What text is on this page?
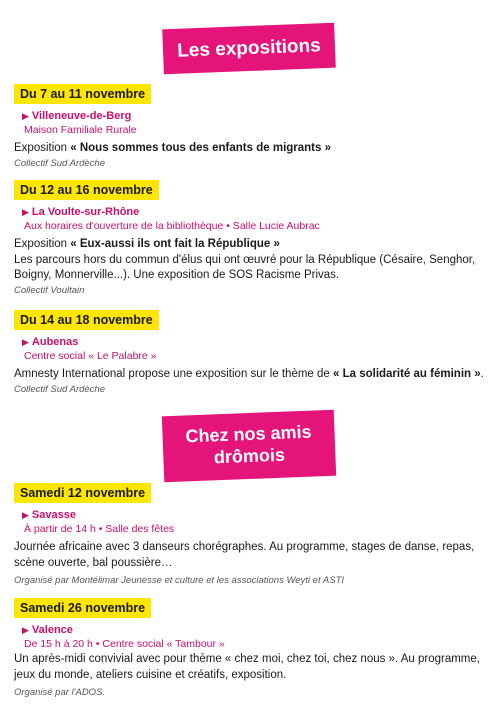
Les expositions
Du 7 au 11 novembre
▶ Villeneuve-de-Berg
Maison Familiale Rurale
Exposition « Nous sommes tous des enfants de migrants »
Collectif Sud Ardèche
Du 12 au 16 novembre
▶ La Voulte-sur-Rhône
Aux horaires d'ouverture de la bibliothèque • Salle Lucie Aubrac
Exposition « Eux-aussi ils ont fait la République »
Les parcours hors du commun d'élus qui ont œuvré pour la République (Césaire, Senghor, Boigny, Monnerville...). Une exposition de SOS Racisme Privas.
Collectif Voultain
Du 14 au 18 novembre
▶ Aubenas
Centre social « Le Palabre »
Amnesty International propose une exposition sur le thème de « La solidarité au féminin ».
Collectif Sud Ardèche
Chez nos amis
drômois
Samedi 12 novembre
▶ Savasse
À partir de 14 h • Salle des fêtes
Journée africaine avec 3 danseurs chorégraphes. Au programme, stages de danse, repas, scène ouverte, bal poussière…
Organisé par Montélimar Jeunesse et culture et les associations Weyti et ASTI
Samedi 26 novembre
▶ Valence
De 15 h à 20 h • Centre social « Tambour »
Un après-midi convivial avec pour thème « chez moi, chez toi, chez nous ». Au programme, jeux du monde, ateliers cuisine et créatifs, exposition.
Organisé par l'ADOS.
